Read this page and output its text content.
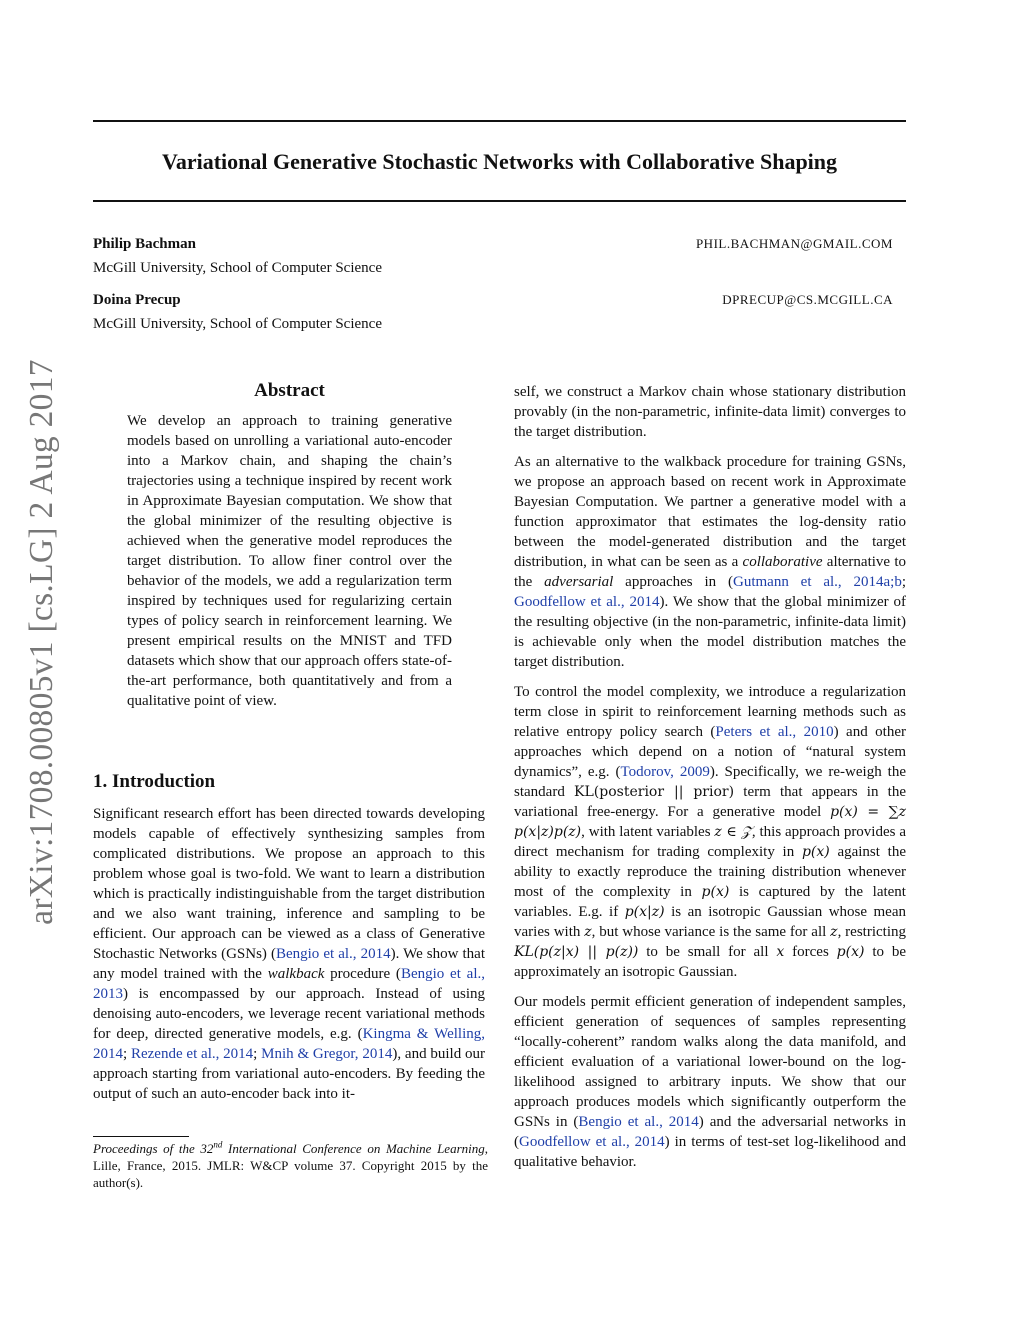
Variational Generative Stochastic Networks with Collaborative Shaping
Philip Bachman	PHIL.BACHMAN@GMAIL.COM
McGill University, School of Computer Science
Doina Precup	DPRECUP@CS.MCGILL.CA
McGill University, School of Computer Science
arXiv:1708.00805v1 [cs.LG] 2 Aug 2017	Abstract

We develop an approach to training generative models based on unrolling a variational auto-encoder into a Markov chain, and shaping the chain’s trajectories using a technique inspired by recent work in Approximate Bayesian computation. We show that the global minimizer of the resulting objective is achieved when the generative model reproduces the target distribution. To allow finer control over the behavior of the models, we add a regularization term inspired by techniques used for regularizing certain types of policy search in reinforcement learning. We present empirical results on the MNIST and TFD datasets which show that our approach offers state-of-the-art performance, both quantitatively and from a qualitative point of view.

1. Introduction

Significant research effort has been directed towards developing models capable of effectively synthesizing samples from complicated distributions. We propose an approach to this problem whose goal is two-fold. We want to learn a distribution which is practically indistinguishable from the target distribution and we also want training, inference and sampling to be efficient. Our approach can be viewed as a class of Generative Stochastic Networks (GSNs) (Bengio et al., 2014). We show that any model trained with the walkback procedure (Bengio et al., 2013) is encompassed by our approach. Instead of using denoising auto-encoders, we leverage recent variational methods for deep, directed generative models, e.g. (Kingma & Welling, 2014; Rezende et al., 2014; Mnih & Gregor, 2014), and build our approach starting from variational auto-encoders. By feeding the output of such an auto-encoder back into it-

Proceedings of the 32nd International Conference on Machine Learning, Lille, France, 2015. JMLR: W&CP volume 37. Copyright 2015 by the author(s).

self, we construct a Markov chain whose stationary distribution provably (in the non-parametric, infinite-data limit) converges to the target distribution.

As an alternative to the walkback procedure for training GSNs, we propose an approach based on recent work in Approximate Bayesian Computation. We partner a generative model with a function approximator that estimates the log-density ratio between the model-generated distribution and the target distribution, in what can be seen as a collaborative alternative to the adversarial approaches in (Gutmann et al., 2014a;b; Goodfellow et al., 2014). We show that the global minimizer of the resulting objective (in the non-parametric, infinite-data limit) is achievable only when the model distribution matches the target distribution.

To control the model complexity, we introduce a regularization term close in spirit to reinforcement learning methods such as relative entropy policy search (Peters et al., 2010) and other approaches which depend on a notion of “natural system dynamics”, e.g. (Todorov, 2009). Specifically, we re-weigh the standard KL(posterior || prior) term that appears in the variational free-energy. For a generative model p(x) = ∑z p(x|z)p(z), with latent variables z ∈ 𝒵, this approach provides a direct mechanism for trading complexity in p(x) against the ability to exactly reproduce the training distribution whenever most of the complexity in p(x) is captured by the latent variables. E.g. if p(x|z) is an isotropic Gaussian whose mean varies with z, but whose variance is the same for all z, restricting KL(p(z|x) || p(z)) to be small for all x forces p(x) to be approximately an isotropic Gaussian.

Our models permit efficient generation of independent samples, efficient generation of sequences of samples representing “locally-coherent” random walks along the data manifold, and efficient evaluation of a variational lower-bound on the log-likelihood assigned to arbitrary inputs. We show that our approach produces models which significantly outperform the GSNs in (Bengio et al., 2014) and the adversarial networks in (Goodfellow et al., 2014) in terms of test-set log-likelihood and qualitative behavior.
